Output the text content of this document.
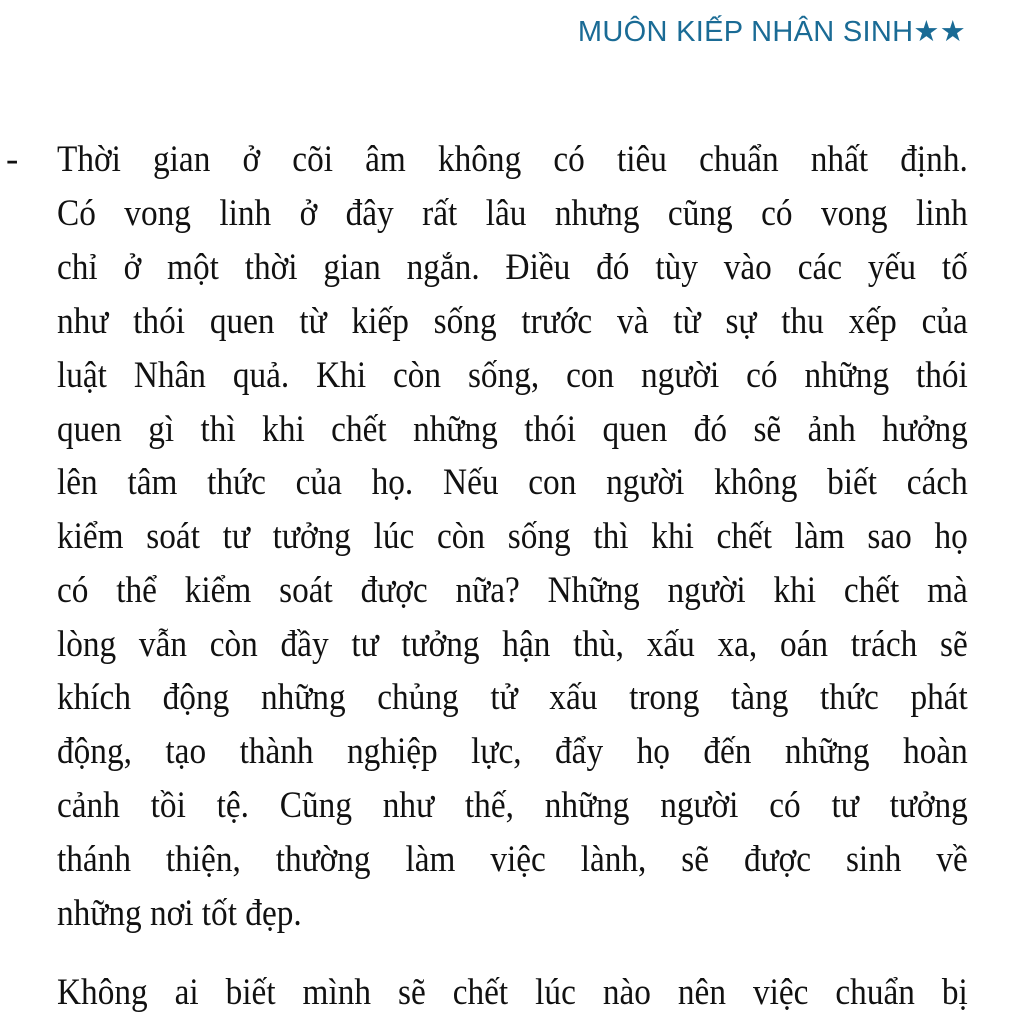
MUÔN KIẾP NHÂN SINH★★
- Thời gian ở cõi âm không có tiêu chuẩn nhất định.
Có vong linh ở đây rất lâu nhưng cũng có vong linh
chỉ ở một thời gian ngắn. Điều đó tùy vào các yếu tố
như thói quen từ kiếp sống trước và từ sự thu xếp của
luật Nhân quả. Khi còn sống, con người có những thói
quen gì thì khi chết những thói quen đó sẽ ảnh hưởng
lên tâm thức của họ. Nếu con người không biết cách
kiểm soát tư tưởng lúc còn sống thì khi chết làm sao họ
có thể kiểm soát được nữa? Những người khi chết mà
lòng vẫn còn đầy tư tưởng hận thù, xấu xa, oán trách sẽ
khích động những chủng tử xấu trong tàng thức phát
động, tạo thành nghiệp lực, đẩy họ đến những hoàn
cảnh tồi tệ. Cũng như thế, những người có tư tưởng
thánh thiện, thường làm việc lành, sẽ được sinh về
những nơi tốt đẹp.
Không ai biết mình sẽ chết lúc nào nên việc chuẩn bị
